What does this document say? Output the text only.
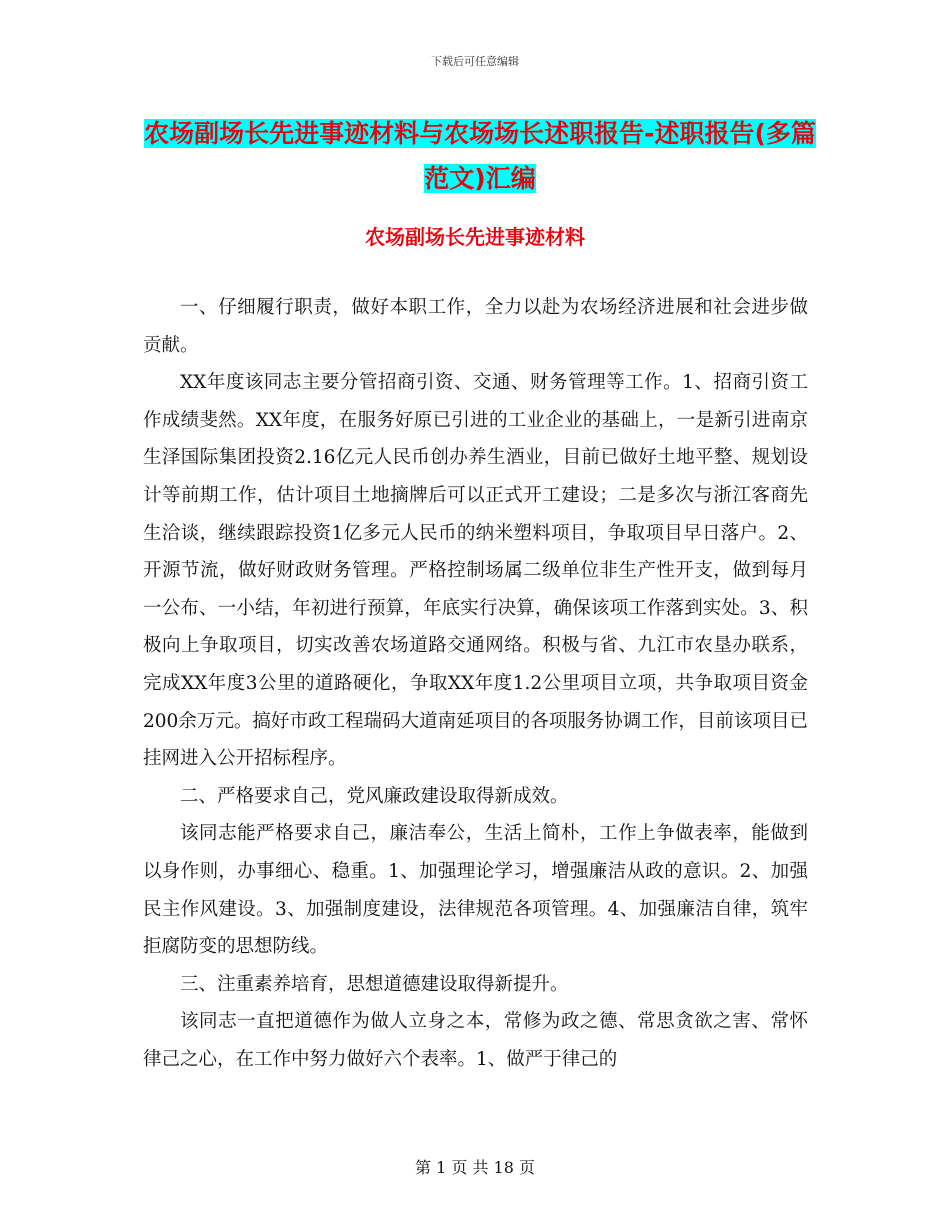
下载后可任意编辑
农场副场长先进事迹材料与农场场长述职报告-述职报告(多篇范文)汇编
农场副场长先进事迹材料

一、仔细履行职责，做好本职工作，全力以赴为农场经济进展和社会进步做贡献。

XX年度该同志主要分管招商引资、交通、财务管理等工作。1、招商引资工作成绩斐然。XX年度，在服务好原已引进的工业企业的基础上，一是新引进南京生泽国际集团投资2.16亿元人民币创办养生酒业，目前已做好土地平整、规划设计等前期工作，估计项目土地摘牌后可以正式开工建设；二是多次与浙江客商先生洽谈，继续跟踪投资1亿多元人民币的纳米塑料项目，争取项目早日落户。2、开源节流，做好财政财务管理。严格控制场属二级单位非生产性开支，做到每月一公布、一小结，年初进行预算，年底实行决算，确保该项工作落到实处。3、积极向上争取项目，切实改善农场道路交通网络。积极与省、九江市农垦办联系，完成XX年度3公里的道路硬化，争取XX年度1.2公里项目立项，共争取项目资金200余万元。搞好市政工程瑞码大道南延项目的各项服务协调工作，目前该项目已挂网进入公开招标程序。

二、严格要求自己，党风廉政建设取得新成效。

该同志能严格要求自己，廉洁奉公，生活上简朴，工作上争做表率，能做到以身作则，办事细心、稳重。1、加强理论学习，增强廉洁从政的意识。2、加强民主作风建设。3、加强制度建设，法律规范各项管理。4、加强廉洁自律，筑牢拒腐防变的思想防线。

三、注重素养培育，思想道德建设取得新提升。

该同志一直把道德作为做人立身之本，常修为政之德、常思贪欲之害、常怀律己之心，在工作中努力做好六个表率。1、做严于律己的

第 1 页 共 18 页
